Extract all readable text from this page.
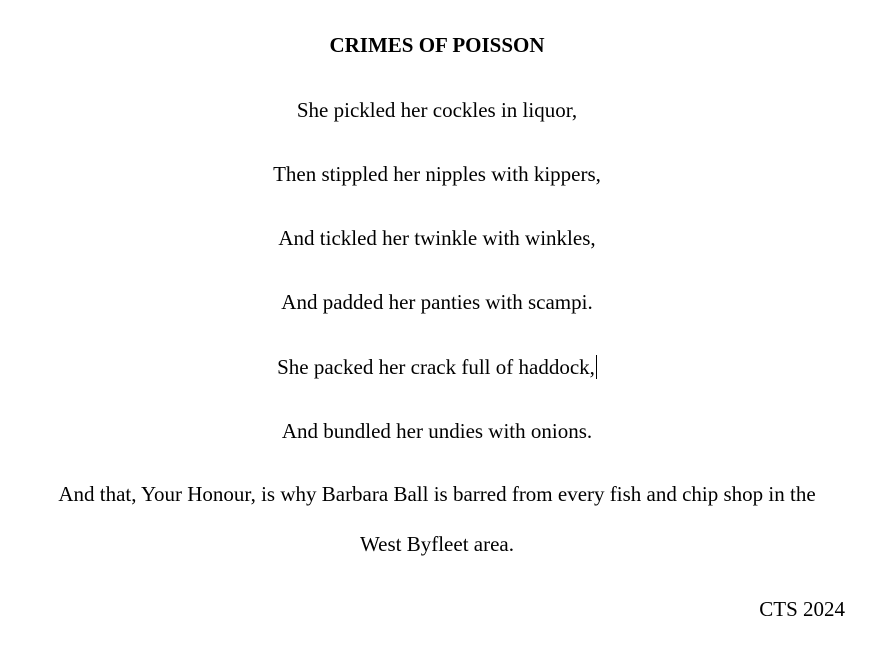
CRIMES OF POISSON
She pickled her cockles in liquor,
Then stippled her nipples with kippers,
And tickled her twinkle with winkles,
And padded her panties with scampi.
She packed her crack full of haddock,
And bundled her undies with onions.
And that, Your Honour, is why Barbara Ball is barred from every fish and chip shop in the
West Byfleet area.
CTS 2024
